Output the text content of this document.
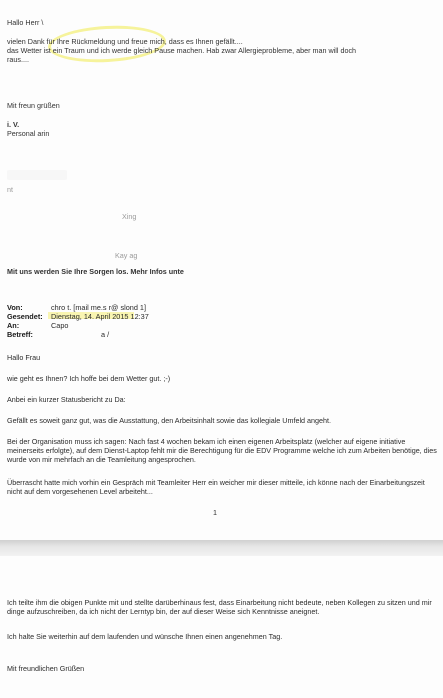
Hallo Herr \
vielen Dank für Ihre Rückmeldung und freue mich, dass es Ihnen gefällt....
das Wetter ist ein Traum und ich werde gleich Pause machen. Hab zwar Allergieprobleme, aber man will doch
raus....
Mit freun grüßen
i. V.
Personal arin
nt
Xing
Kay ag
Mit uns werden Sie Ihre Sorgen los. Mehr Infos unte
Von:	chro t. [mail me.s r@ slond 1]
Gesendet: Dienstag, 14. April 2015 12:37
An:	Capo
Betreff:	a /
Hallo Frau
wie geht es Ihnen? Ich hoffe bei dem Wetter gut. ;-)
Anbei ein kurzer Statusbericht zu Da:
Gefällt es soweit ganz gut, was die Ausstattung, den Arbeitsinhalt sowie das kollegiale Umfeld angeht.
Bei der Organisation muss ich sagen: Nach fast 4 wochen bekam ich einen eigenen Arbeitsplatz (welcher auf eigene initiative meinerseits erfolgte), auf dem Dienst-Laptop fehlt mir die Berechtigung für die EDV Programme welche ich zum Arbeiten benötige, dies wurde von mir mehrfach an die Teamleitung angesprochen.
Überrascht hatte mich vorhin ein Gespräch mit Teamleiter Herr ein weicher mir dieser mitteile, ich könne nach der Einarbeitungszeit nicht auf dem vorgesehenen Level arbeiteht...
1
Ich teilte ihm die obigen Punkte mit und stellte darüberhinaus fest, dass Einarbeitung nicht bedeute, neben Kollegen zu sitzen und mir dinge aufzuschreiben, da ich nicht der Lerntyp bin, der auf dieser Weise sich Kenntnisse aneignet.
Ich halte Sie weiterhin auf dem laufenden und wünsche Ihnen einen angenehmen Tag.
Mit freundlichen Grüßen
